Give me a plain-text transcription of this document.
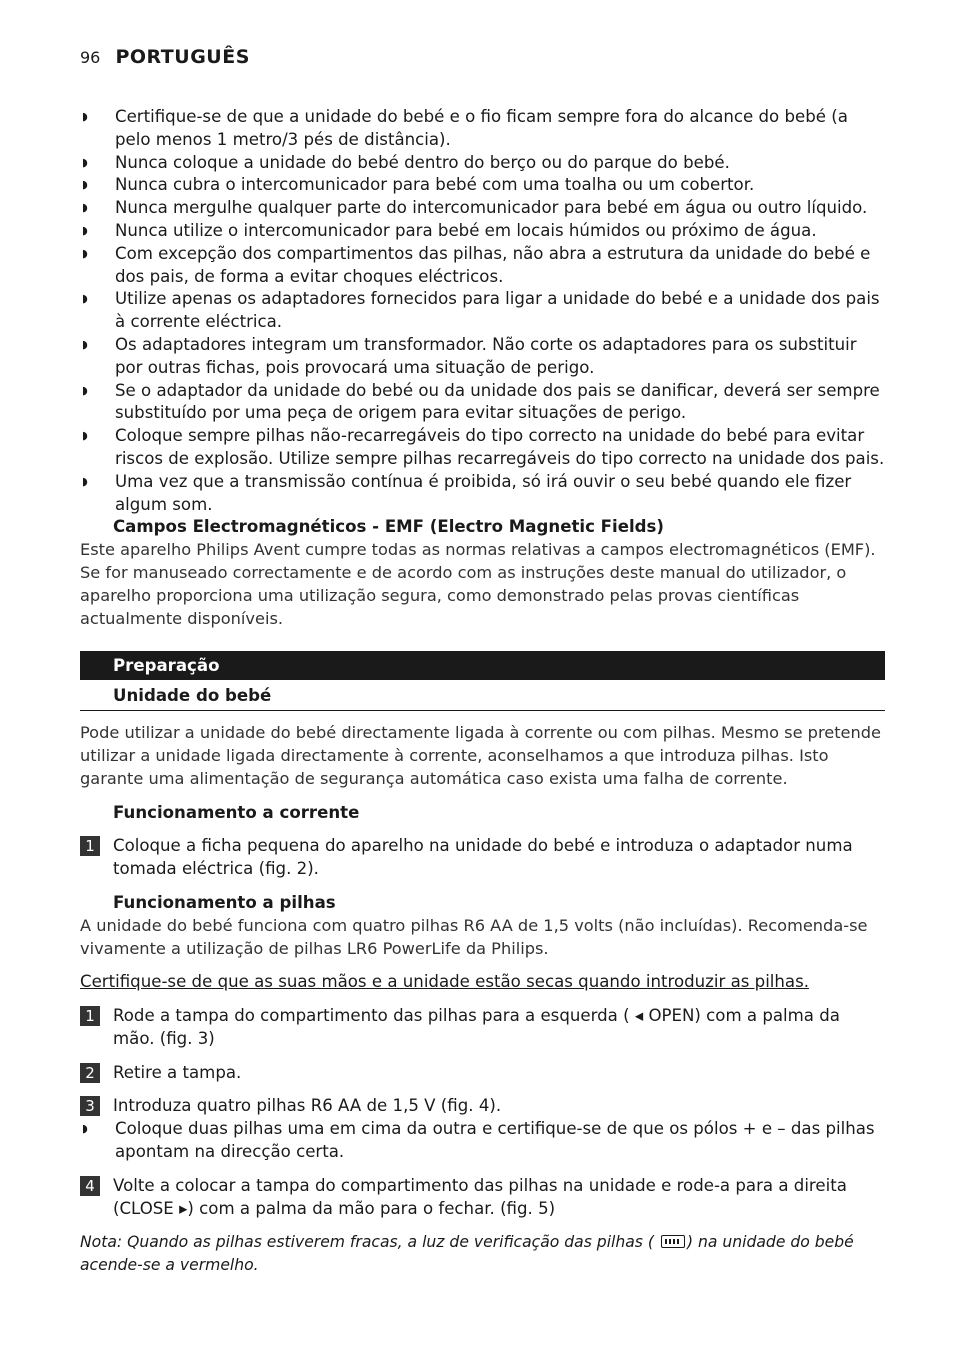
96 PORTUGUÊS
◗	Certifique-se de que a unidade do bebé e o fio ficam sempre fora do alcance do bebé (a pelo menos 1 metro/3 pés de distância).
◗	Nunca coloque a unidade do bebé dentro do berço ou do parque do bebé.
◗	Nunca cubra o intercomunicador para bebé com uma toalha ou um cobertor.
◗	Nunca mergulhe qualquer parte do intercomunicador para bebé em água ou outro líquido.
◗	Nunca utilize o intercomunicador para bebé em locais húmidos ou próximo de água.
◗	Com excepção dos compartimentos das pilhas, não abra a estrutura da unidade do bebé e dos pais, de forma a evitar choques eléctricos.
◗	Utilize apenas os adaptadores fornecidos para ligar a unidade do bebé e a unidade dos pais à corrente eléctrica.
◗	Os adaptadores integram um transformador. Não corte os adaptadores para os substituir por outras fichas, pois provocará uma situação de perigo.
◗	Se o adaptador da unidade do bebé ou da unidade dos pais se danificar, deverá ser sempre substituído por uma peça de origem para evitar situações de perigo.
◗	Coloque sempre pilhas não-recarregáveis do tipo correcto na unidade do bebé para evitar riscos de explosão. Utilize sempre pilhas recarregáveis do tipo correcto na unidade dos pais.
◗	Uma vez que a transmissão contínua é proibida, só irá ouvir o seu bebé quando ele fizer algum som.
Campos Electromagnéticos - EMF (Electro Magnetic Fields)

Este aparelho Philips Avent cumpre todas as normas relativas a campos electromagnéticos (EMF). Se for manuseado correctamente e de acordo com as instruções deste manual do utilizador, o aparelho proporciona uma utilização segura, como demonstrado pelas provas científicas actualmente disponíveis.

Preparação
Unidade do bebé

Pode utilizar a unidade do bebé directamente ligada à corrente ou com pilhas. Mesmo se pretende utilizar a unidade ligada directamente à corrente, aconselhamos a que introduza pilhas. Isto garante uma alimentação de segurança automática caso exista uma falha de corrente.

Funcionamento a corrente
1	Coloque a ficha pequena do aparelho na unidade do bebé e introduza o adaptador numa tomada eléctrica (fig. 2).
Funcionamento a pilhas

A unidade do bebé funciona com quatro pilhas R6 AA de 1,5 volts (não incluídas). Recomenda-se vivamente a utilização de pilhas LR6 PowerLife da Philips.

Certifique-se de que as suas mãos e a unidade estão secas quando introduzir as pilhas.
1	Rode a tampa do compartimento das pilhas para a esquerda ( ◂ OPEN) com a palma da mão. (fig. 3)
2	Retire a tampa.
3	Introduza quatro pilhas R6 AA de 1,5 V (fig. 4).
◗	Coloque duas pilhas uma em cima da outra e certifique-se de que os pólos + e – das pilhas apontam na direcção certa.
4	Volte a colocar a tampa do compartimento das pilhas na unidade e rode-a para a direita (CLOSE ▸) com a palma da mão para o fechar. (fig. 5)
Nota: Quando as pilhas estiverem fracas, a luz de verificação das pilhas ( ) na unidade do bebé acende-se a vermelho.
